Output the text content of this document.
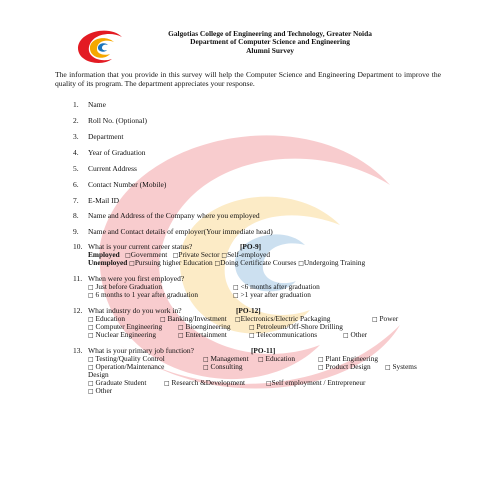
Galgotias College of Engineering and Technology, Greater Noida
Department of Computer Science and Engineering
Alumni Survey
The information that you provide in this survey will help the Computer Science and Engineering Department to improve the quality of its program. The department appreciates your response.
1. Name
2. Roll No. (Optional)
3. Department
4. Year of Graduation
5. Current Address
6. Contact Number (Mobile)
7. E-Mail ID
8. Name and Address of the Company where you employed
9. Name and Contact details of employer(Your immediate head)
10. What is your current career status?	[PO-9]
Employed □Government □Private Sector □Self-employed
Unemployed □Pursuing higher Education □Doing Certificate Courses □Undergoing Training
11. When were you first employed?
□ Just before Graduation	□ <6 months after graduation
□ 6 months to 1 year after graduation	□ >1 year after graduation
12. What industry do you work in?	[PO-12]
□ Education	□ Banking/Investment □Electronics/Electric Packaging	□ Power
□ Computer Engineering	□ Bioengineering	□ Petroleum/Off-Shore Drilling
□ Nuclear Engineering	□ Entertainment	□ Telecommunications	□ Other
13. What is your primary job function?	[PO-11]
□ Testing/Quality Control	□ Management □ Education	□ Plant Engineering
□ Operation/Maintenance	□ Consulting	□ Product Design □ Systems
Design
□ Graduate Student	□ Research &Development	□Self employment / Entrepreneur
□ Other
